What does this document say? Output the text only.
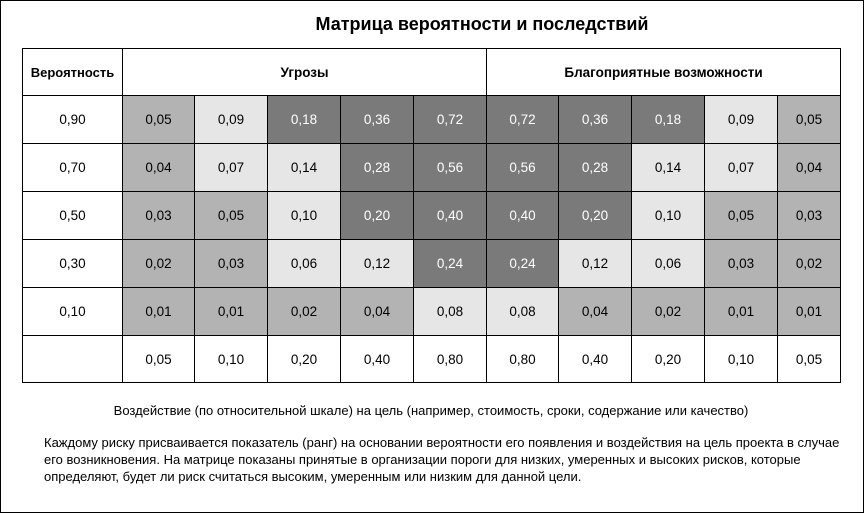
Матрица вероятности и последствий
Вероятность	Угрозы					Благоприятные возможности				
0,90	0,05	0,09	0,18	0,36	0,72	0,72	0,36	0,18	0,09	0,05
0,70	0,04	0,07	0,14	0,28	0,56	0,56	0,28	0,14	0,07	0,04
0,50	0,03	0,05	0,10	0,20	0,40	0,40	0,20	0,10	0,05	0,03
0,30	0,02	0,03	0,06	0,12	0,24	0,24	0,12	0,06	0,03	0,02
0,10	0,01	0,01	0,02	0,04	0,08	0,08	0,04	0,02	0,01	0,01
	0,05	0,10	0,20	0,40	0,80	0,80	0,40	0,20	0,10	0,05
Воздействие (по относительной шкале) на цель (например, стоимость, сроки, содержание или качество)
Каждому риску присваивается показатель (ранг) на основании вероятности его появления и воздействия на цель проекта в случае его возникновения. На матрице показаны принятые в организации пороги для низких, умеренных и высоких рисков, которые определяют, будет ли риск считаться высоким, умеренным или низким для данной цели.
